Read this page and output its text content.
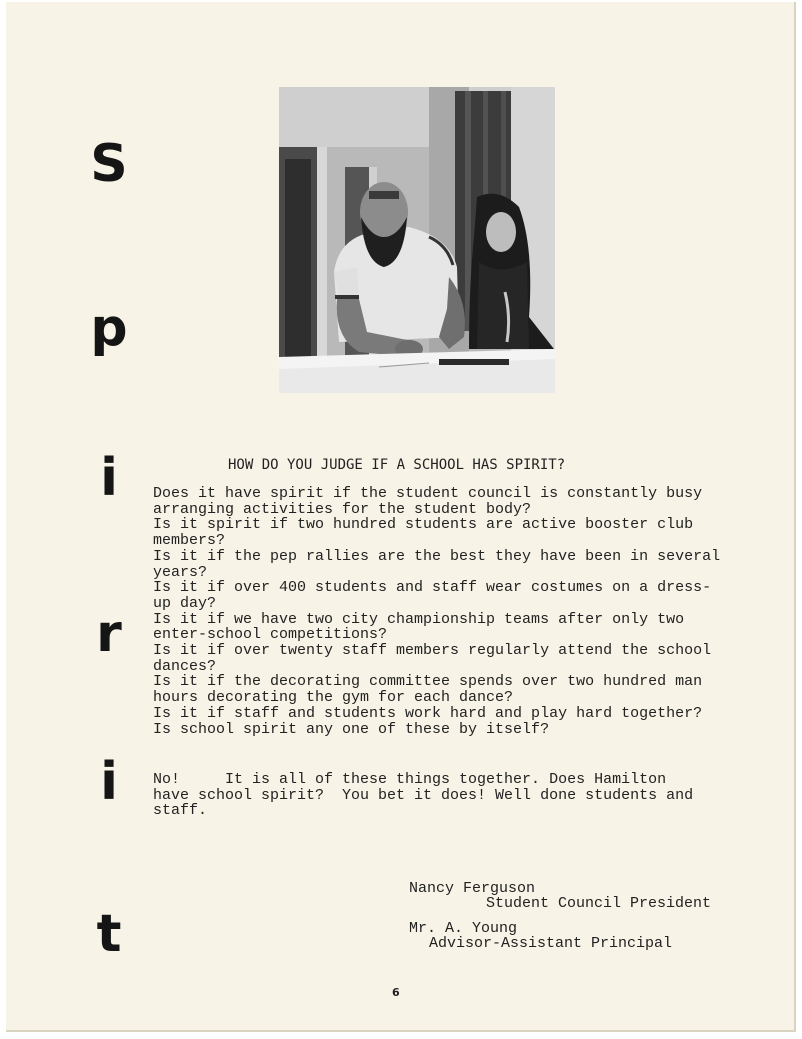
S
p
i
r
i
t
HOW DO YOU JUDGE IF A SCHOOL HAS SPIRIT?
Does it have spirit if the student council is constantly busy
arranging activities for the student body?
Is it spirit if two hundred students are active booster club
members?
Is it if the pep rallies are the best they have been in several
years?
Is it if over 400 students and staff wear costumes on a dress-
up day?
Is it if we have two city championship teams after only two
enter-school competitions?
Is it if over twenty staff members regularly attend the school
dances?
Is it if the decorating committee spends over two hundred man
hours decorating the gym for each dance?
Is it if staff and students work hard and play hard together?
Is school spirit any one of these by itself?
No!     It is all of these things together. Does Hamilton
have school spirit?  You bet it does! Well done students and
staff.
Nancy Ferguson
Student Council President
Mr. A. Young
Advisor-Assistant Principal
6
